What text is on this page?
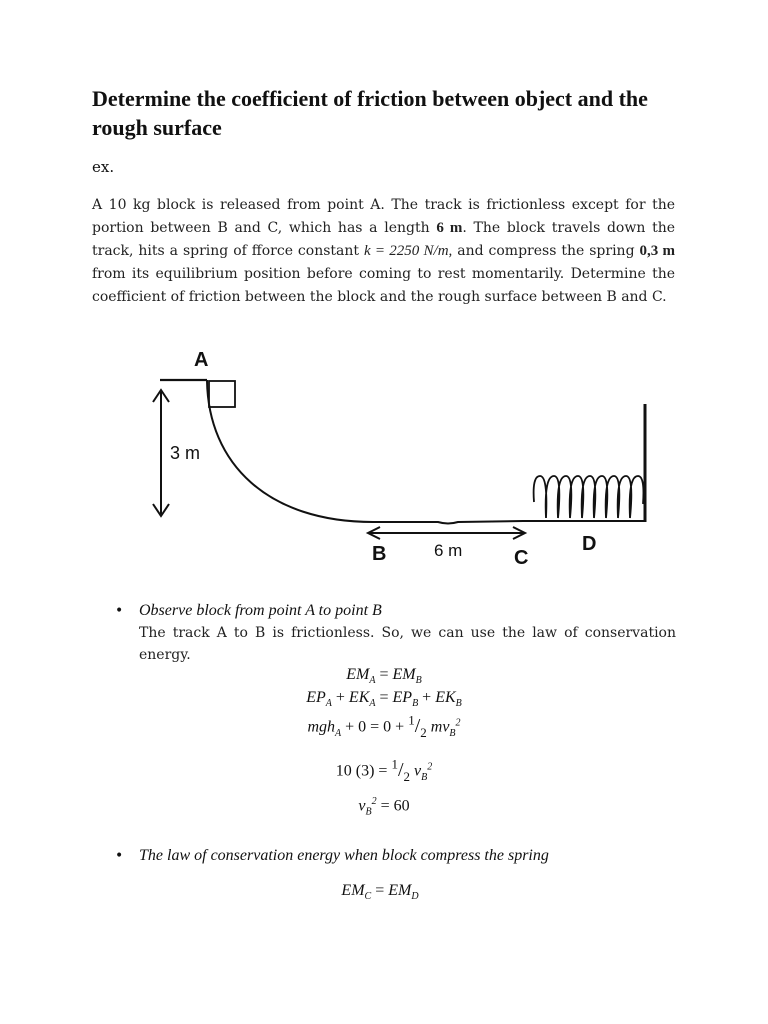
Determine the coefficient of friction between object and the rough surface

ex.

A 10 kg block is released from point A. The track is frictionless except for the portion between B and C, which has a length 6 m. The block travels down the track, hits a spring of fforce constant k = 2250 N/m, and compress the spring 0,3 m from its equilibrium position before coming to rest momentarily. Determine the coefficient of friction between the block and the rough surface between B and C.

A
3 m
B	6 m	C
D
• Observe block from point A to point B
The track A to B is frictionless. So, we can use the law of conservation energy.

$EM_A = EM_B$

$EP_A + EK_A = EP_B + EK_B$

$mgh_A + 0 = 0 + ^1/_2$ $mv_B^2$

10 $(3) = ^1/_2$ $v_B^2$

$v_B^2 = 60$

• The law of conservation energy when block compress the spring

$EM_C = EM_D$
